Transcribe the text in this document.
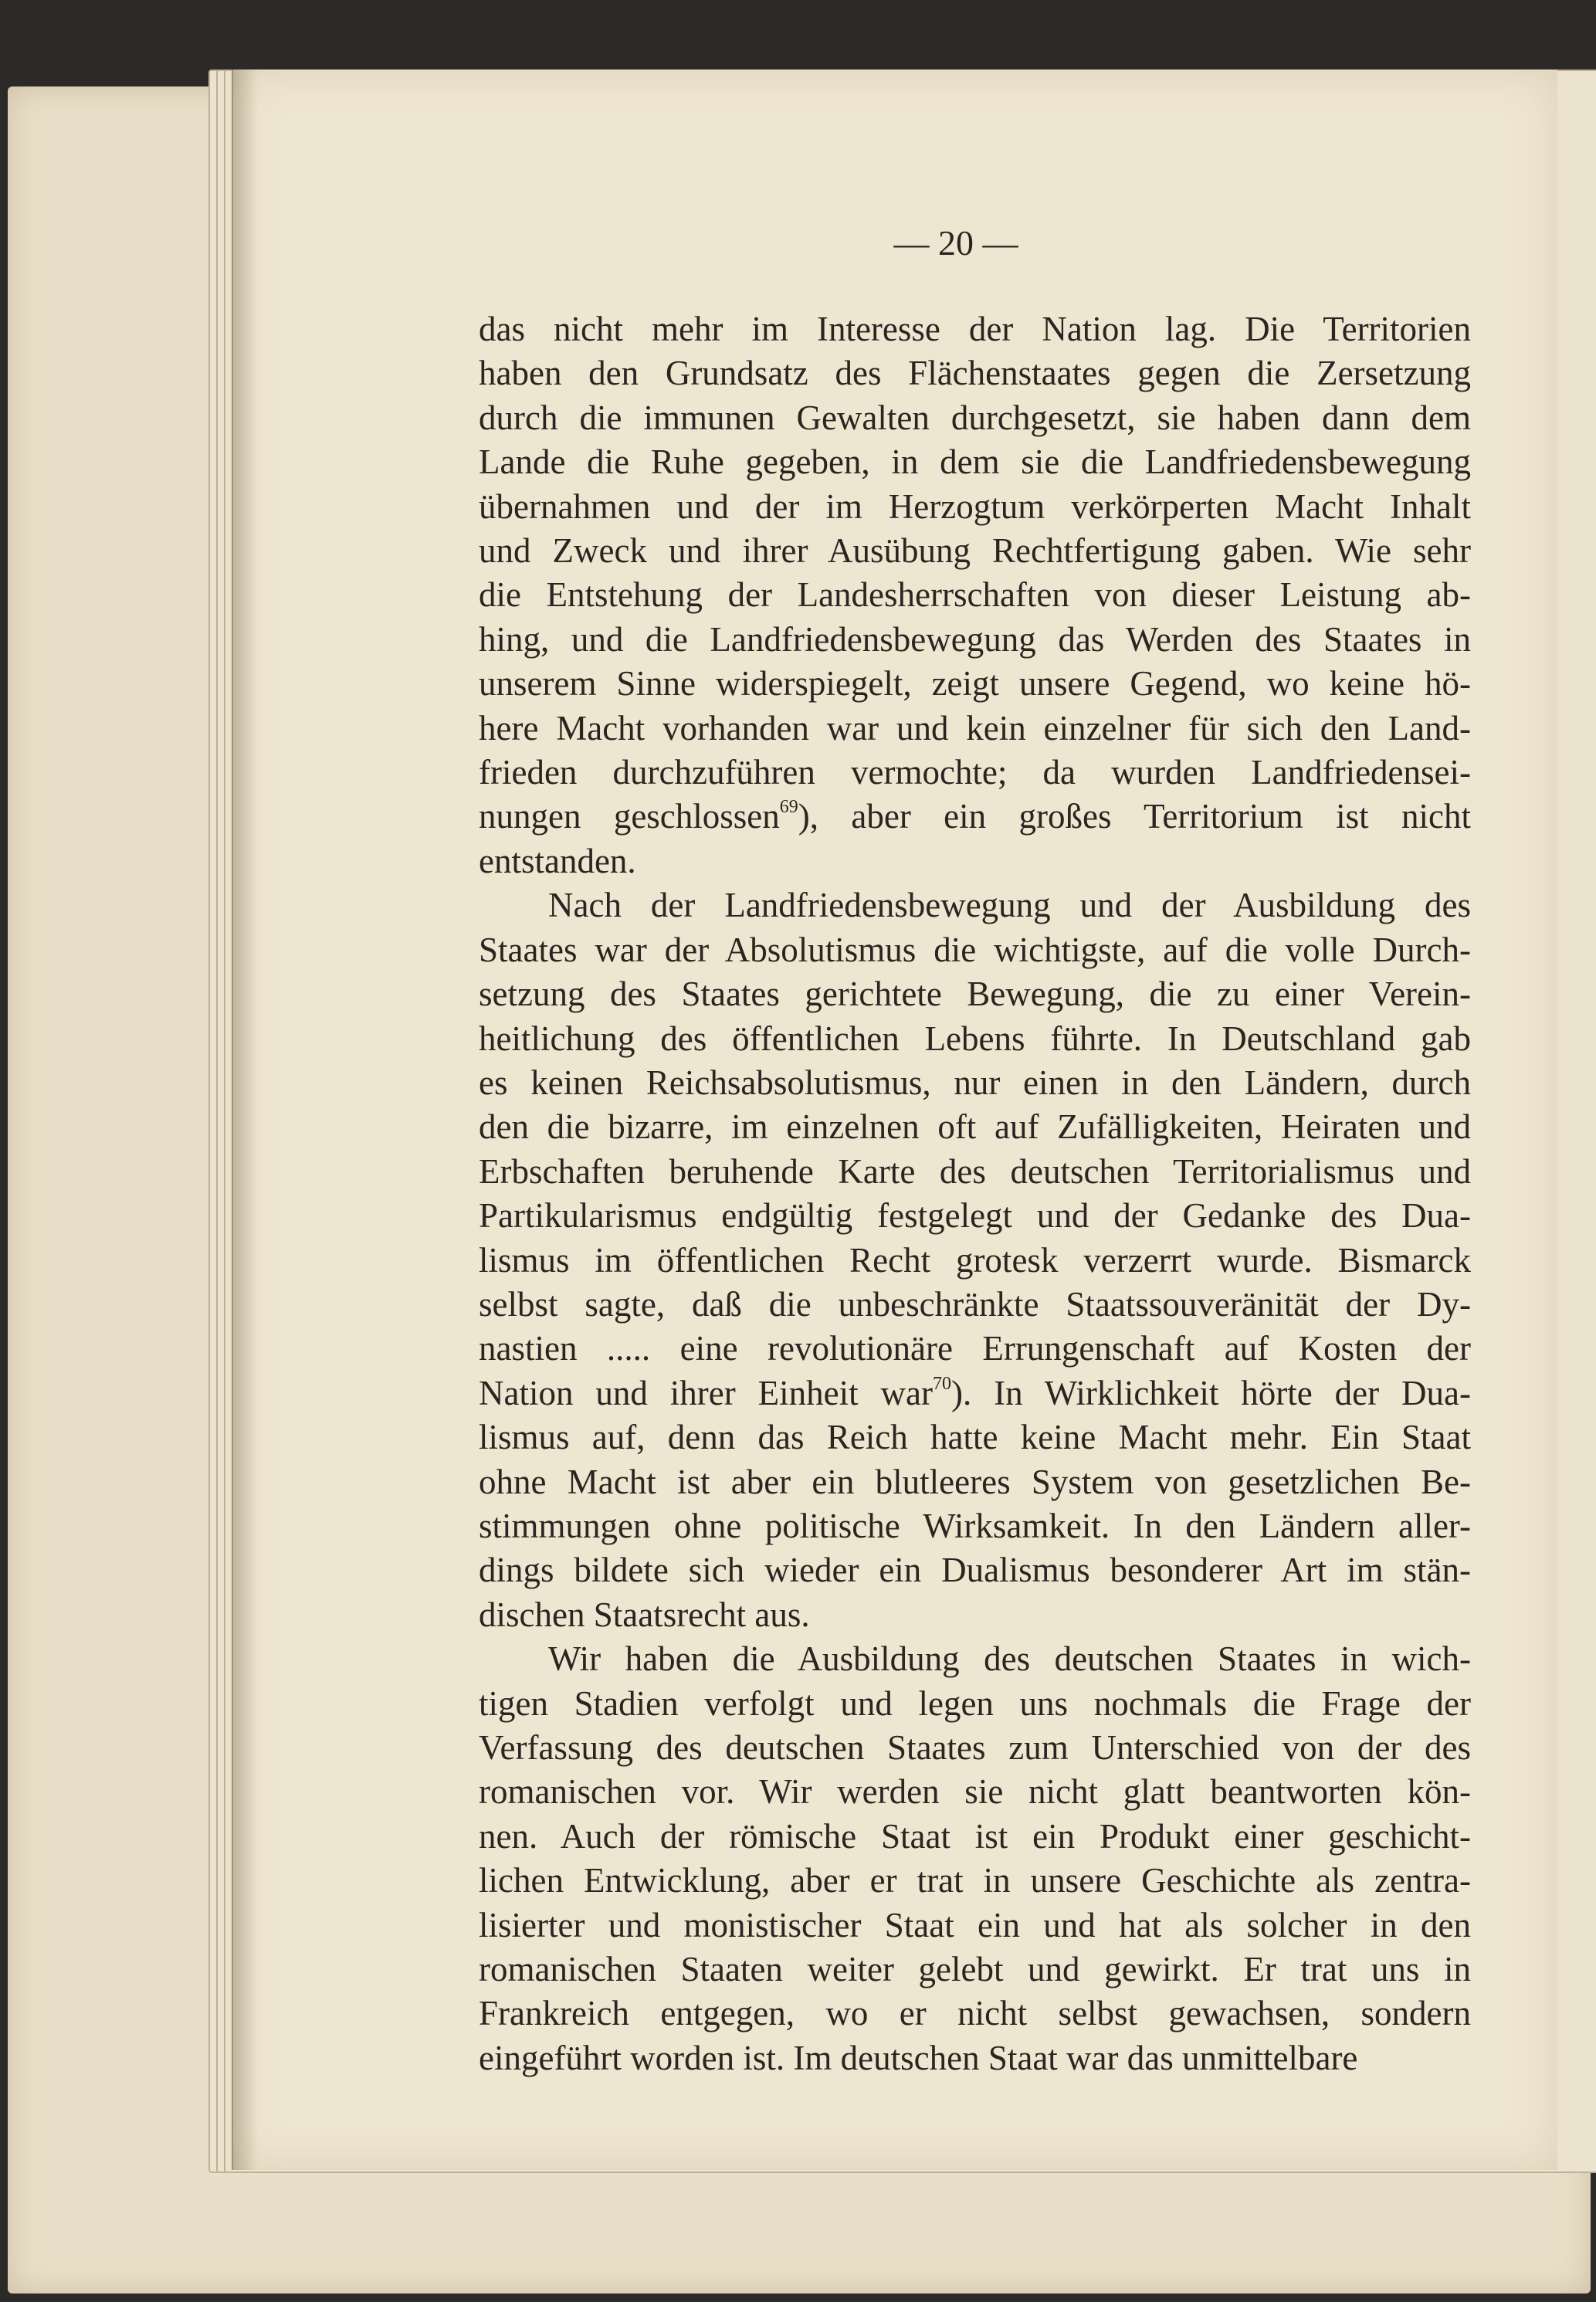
— 20 —

das nicht mehr im Interesse der Nation lag. Die Territorien
haben den Grundsatz des Flächenstaates gegen die Zersetzung
durch die immunen Gewalten durchgesetzt, sie haben dann dem
Lande die Ruhe gegeben, in dem sie die Landfriedensbewegung
übernahmen und der im Herzogtum verkörperten Macht Inhalt
und Zweck und ihrer Ausübung Rechtfertigung gaben. Wie sehr
die Entstehung der Landesherrschaften von dieser Leistung ab-
hing, und die Landfriedensbewegung das Werden des Staates in
unserem Sinne widerspiegelt, zeigt unsere Gegend, wo keine hö-
here Macht vorhanden war und kein einzelner für sich den Land-
frieden durchzuführen vermochte; da wurden Landfriedensei-
nungen geschlossen$^{69}$), aber ein großes Territorium ist nicht
entstanden.

Nach der Landfriedensbewegung und der Ausbildung des
Staates war der Absolutismus die wichtigste, auf die volle Durch-
setzung des Staates gerichtete Bewegung, die zu einer Verein-
heitlichung des öffentlichen Lebens führte. In Deutschland gab
es keinen Reichsabsolutismus, nur einen in den Ländern, durch
den die bizarre, im einzelnen oft auf Zufälligkeiten, Heiraten und
Erbschaften beruhende Karte des deutschen Territorialismus und
Partikularismus endgültig festgelegt und der Gedanke des Dua-
lismus im öffentlichen Recht grotesk verzerrt wurde. Bismarck
selbst sagte, daß die unbeschränkte Staatssouveränität der Dy-
nastien ..... eine revolutionäre Errungenschaft auf Kosten der
Nation und ihrer Einheit war$^{70}$). In Wirklichkeit hörte der Dua-
lismus auf, denn das Reich hatte keine Macht mehr. Ein Staat
ohne Macht ist aber ein blutleeres System von gesetzlichen Be-
stimmungen ohne politische Wirksamkeit. In den Ländern aller-
dings bildete sich wieder ein Dualismus besonderer Art im stän-
dischen Staatsrecht aus.

Wir haben die Ausbildung des deutschen Staates in wich-
tigen Stadien verfolgt und legen uns nochmals die Frage der
Verfassung des deutschen Staates zum Unterschied von der des
romanischen vor. Wir werden sie nicht glatt beantworten kön-
nen. Auch der römische Staat ist ein Produkt einer geschicht-
lichen Entwicklung, aber er trat in unsere Geschichte als zentra-
lisierter und monistischer Staat ein und hat als solcher in den
romanischen Staaten weiter gelebt und gewirkt. Er trat uns in
Frankreich entgegen, wo er nicht selbst gewachsen, sondern
eingeführt worden ist. Im deutschen Staat war das unmittelbare
